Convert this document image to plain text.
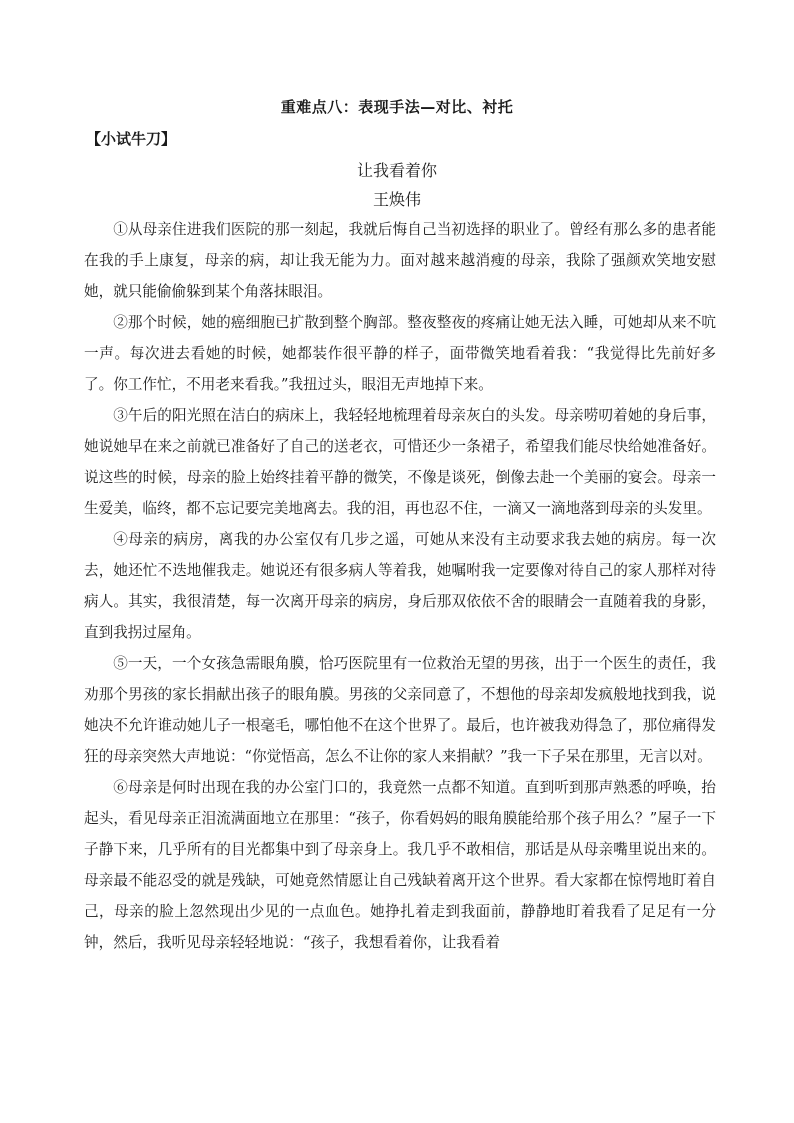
重难点八：表现手法—对比、衬托
【小试牛刀】
让我看着你
王焕伟

①从母亲住进我们医院的那一刻起，我就后悔自己当初选择的职业了。曾经有那么多的患者能在我的手上康复，母亲的病，却让我无能为力。面对越来越消瘦的母亲，我除了强颜欢笑地安慰她，就只能偷偷躲到某个角落抹眼泪。

②那个时候，她的癌细胞已扩散到整个胸部。整夜整夜的疼痛让她无法入睡，可她却从来不吭一声。每次进去看她的时候，她都装作很平静的样子，面带微笑地看着我：“我觉得比先前好多了。你工作忙，不用老来看我。”我扭过头，眼泪无声地掉下来。

③午后的阳光照在洁白的病床上，我轻轻地梳理着母亲灰白的头发。母亲唠叨着她的身后事，她说她早在来之前就已准备好了自己的送老衣，可惜还少一条裙子，希望我们能尽快给她准备好。说这些的时候，母亲的脸上始终挂着平静的微笑，不像是谈死，倒像去赴一个美丽的宴会。母亲一生爱美，临终，都不忘记要完美地离去。我的泪，再也忍不住，一滴又一滴地落到母亲的头发里。

④母亲的病房，离我的办公室仅有几步之遥，可她从来没有主动要求我去她的病房。每一次去，她还忙不迭地催我走。她说还有很多病人等着我，她嘱咐我一定要像对待自己的家人那样对待病人。其实，我很清楚，每一次离开母亲的病房，身后那双依依不舍的眼睛会一直随着我的身影，直到我拐过屋角。

⑤一天，一个女孩急需眼角膜，恰巧医院里有一位救治无望的男孩，出于一个医生的责任，我劝那个男孩的家长捐献出孩子的眼角膜。男孩的父亲同意了，不想他的母亲却发疯般地找到我，说她决不允许谁动她儿子一根毫毛，哪怕他不在这个世界了。最后，也许被我劝得急了，那位痛得发狂的母亲突然大声地说：“你觉悟高，怎么不让你的家人来捐献？”我一下子呆在那里，无言以对。

⑥母亲是何时出现在我的办公室门口的，我竟然一点都不知道。直到听到那声熟悉的呼唤，抬起头，看见母亲正泪流满面地立在那里：“孩子，你看妈妈的眼角膜能给那个孩子用么？”屋子一下子静下来，几乎所有的目光都集中到了母亲身上。我几乎不敢相信，那话是从母亲嘴里说出来的。母亲最不能忍受的就是残缺，可她竟然情愿让自己残缺着离开这个世界。看大家都在惊愕地盯着自己，母亲的脸上忽然现出少见的一点血色。她挣扎着走到我面前，静静地盯着我看了足足有一分钟，然后，我听见母亲轻轻地说：“孩子，我想看着你，让我看着
